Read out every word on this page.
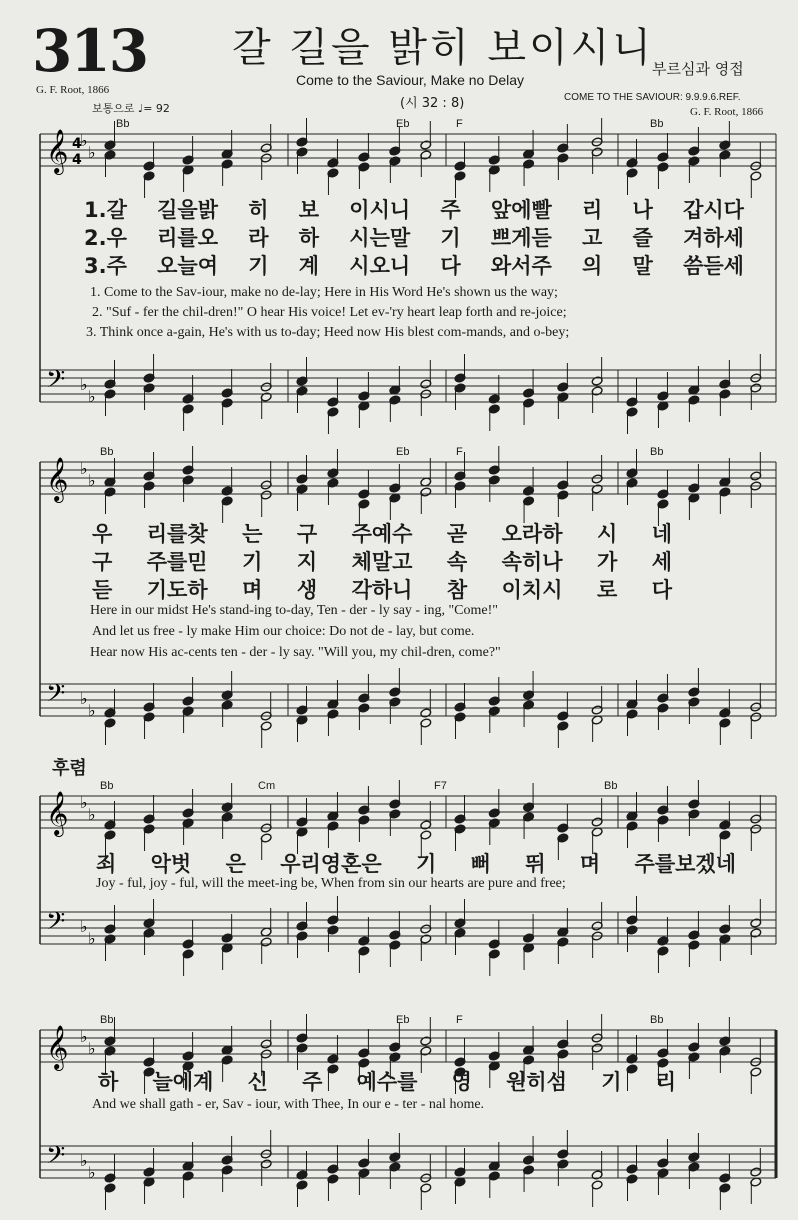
313 갈 길을 밝히 보이시니
부르심과 영접
Come to the Saviour, Make no Delay
G. F. Root, 1866
(시 32 : 8)	COME TO THE SAVIOUR: 9.9.9.6.REF.
G. F. Root, 1866
보통으로 ♩= 92
후렴
𝄞 ♭
♭
𝄢 ♭
♭
4
4
𝄞 ♭
♭
𝄢 ♭
♭
𝄞 ♭
♭
𝄢 ♭
♭
𝄞 ♭
♭
𝄢 ♭
♭
Bb	Eb	F	Bb
1.갈 길을밝 히 보 이시니 주 앞에빨 리 나 갑시다
2.우 리를오 라 하 시는말 기 쁘게듣 고 즐 겨하세
3.주 오늘여 기 계 시오니 다 와서주 의 말 씀듣세
1. Come to the Sav-iour, make no de-lay; Here in His Word He's shown us the way;
2. "Suf - fer the chil-dren!" O hear His voice! Let ev-'ry heart leap forth and re-joice;
3. Think once a-gain, He's with us to-day; Heed now His blest com-mands, and o-bey;
Bb	Eb	F	Bb
우 리를찾 는 구 주예수 곧 오라하 시 네
구 주를믿 기 지 체말고 속 속히나 가 세
듣 기도하 며 생 각하니 참 이치시 로 다
Here in our midst He's stand-ing to-day, Ten - der - ly say - ing, "Come!"
And let us free - ly make Him our choice: Do not de - lay, but come.
Hear now His ac-cents ten - der - ly say. "Will you, my chil-dren, come?"
Bb	Cm	F7	Bb
죄 악벗 은 우리영혼은 기 뻐 뛰 며 주를보겠네
Joy - ful, joy - ful, will the meet-ing be, When from sin our hearts are pure and free;
Bb	Eb	F	Bb
하 늘에계 신 주 예수를 영 원히섬 기 리
And we shall gath - er, Sav - iour, with Thee, In our e - ter - nal home.
